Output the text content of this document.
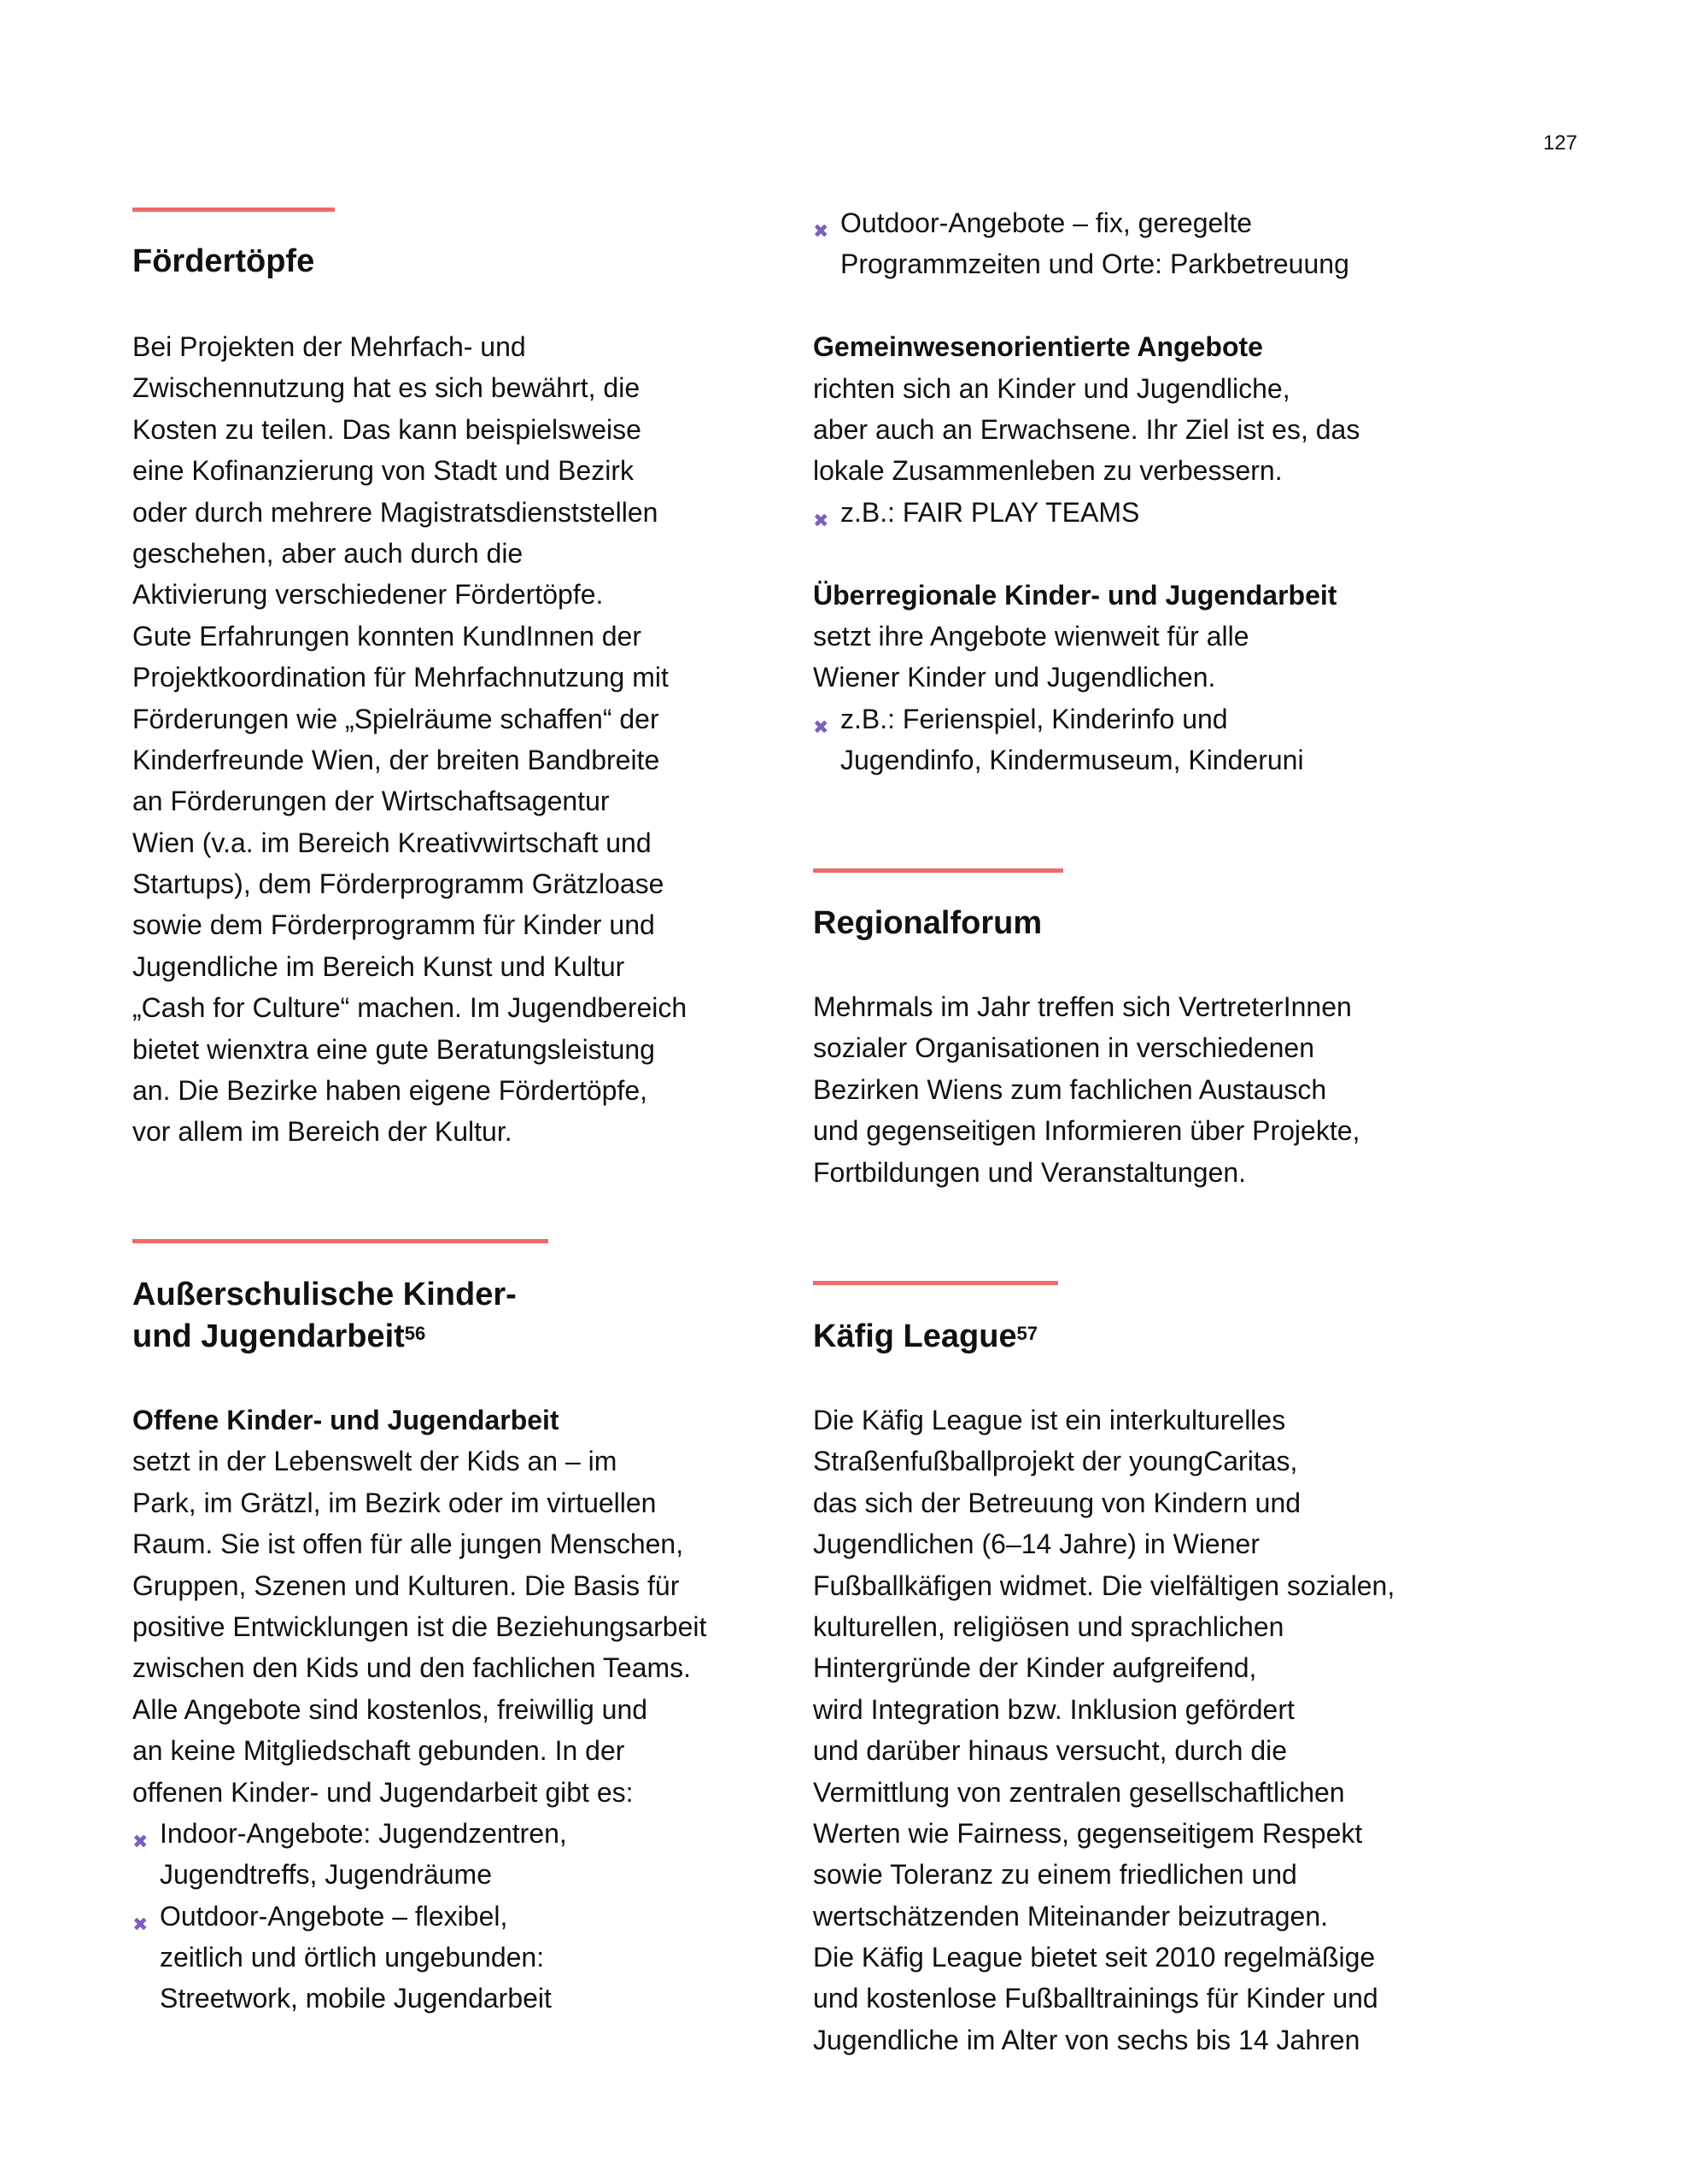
127
Fördertöpfe
Bei Projekten der Mehrfach- und
Zwischennutzung hat es sich bewährt, die
Kosten zu teilen. Das kann beispielsweise
eine Kofinanzierung von Stadt und Bezirk
oder durch mehrere Magistratsdienststellen
geschehen, aber auch durch die
Aktivierung verschiedener Fördertöpfe.
Gute Erfahrungen konnten KundInnen der
Projektkoordination für Mehrfachnutzung mit
Förderungen wie „Spielräume schaffen“ der
Kinderfreunde Wien, der breiten Bandbreite
an Förderungen der Wirtschaftsagentur
Wien (v.a. im Bereich Kreativwirtschaft und
Startups), dem Förderprogramm Grätzloase
sowie dem Förderprogramm für Kinder und
Jugendliche im Bereich Kunst und Kultur
„Cash for Culture“ machen. Im Jugendbereich
bietet wienxtra eine gute Beratungsleistung
an. Die Bezirke haben eigene Fördertöpfe,
vor allem im Bereich der Kultur.
Außerschulische Kinder-
und Jugendarbeit$^{56}$
Offene Kinder- und Jugendarbeit
setzt in der Lebenswelt der Kids an – im
Park, im Grätzl, im Bezirk oder im virtuellen
Raum. Sie ist offen für alle jungen Menschen,
Gruppen, Szenen und Kulturen. Die Basis für
positive Entwicklungen ist die Beziehungsarbeit
zwischen den Kids und den fachlichen Teams.
Alle Angebote sind kostenlos, freiwillig und
an keine Mitgliedschaft gebunden. In der
offenen Kinder- und Jugendarbeit gibt es:
✖ Indoor-Angebote: Jugendzentren,
Jugendtreffs, Jugendräume
✖ Outdoor-Angebote – flexibel,
zeitlich und örtlich ungebunden:
Streetwork, mobile Jugendarbeit
✖ Outdoor-Angebote – fix, geregelte
Programmzeiten und Orte: Parkbetreuung
Gemeinwesenorientierte Angebote
richten sich an Kinder und Jugendliche,
aber auch an Erwachsene. Ihr Ziel ist es, das
lokale Zusammenleben zu verbessern.
✖ z.B.: FAIR PLAY TEAMS
Überregionale Kinder- und Jugendarbeit
setzt ihre Angebote wienweit für alle
Wiener Kinder und Jugendlichen.
✖ z.B.: Ferienspiel, Kinderinfo und
Jugendinfo, Kindermuseum, Kinderuni
Regionalforum
Mehrmals im Jahr treffen sich VertreterInnen
sozialer Organisationen in verschiedenen
Bezirken Wiens zum fachlichen Austausch
und gegenseitigen Informieren über Projekte,
Fortbildungen und Veranstaltungen.
Käfig League$^{57}$
Die Käfig League ist ein interkulturelles
Straßenfußballprojekt der youngCaritas,
das sich der Betreuung von Kindern und
Jugendlichen (6–14 Jahre) in Wiener
Fußballkäfigen widmet. Die vielfältigen sozialen,
kulturellen, religiösen und sprachlichen
Hintergründe der Kinder aufgreifend,
wird Integration bzw. Inklusion gefördert
und darüber hinaus versucht, durch die
Vermittlung von zentralen gesellschaftlichen
Werten wie Fairness, gegenseitigem Respekt
sowie Toleranz zu einem friedlichen und
wertschätzenden Miteinander beizutragen.
Die Käfig League bietet seit 2010 regelmäßige
und kostenlose Fußballtrainings für Kinder und
Jugendliche im Alter von sechs bis 14 Jahren
